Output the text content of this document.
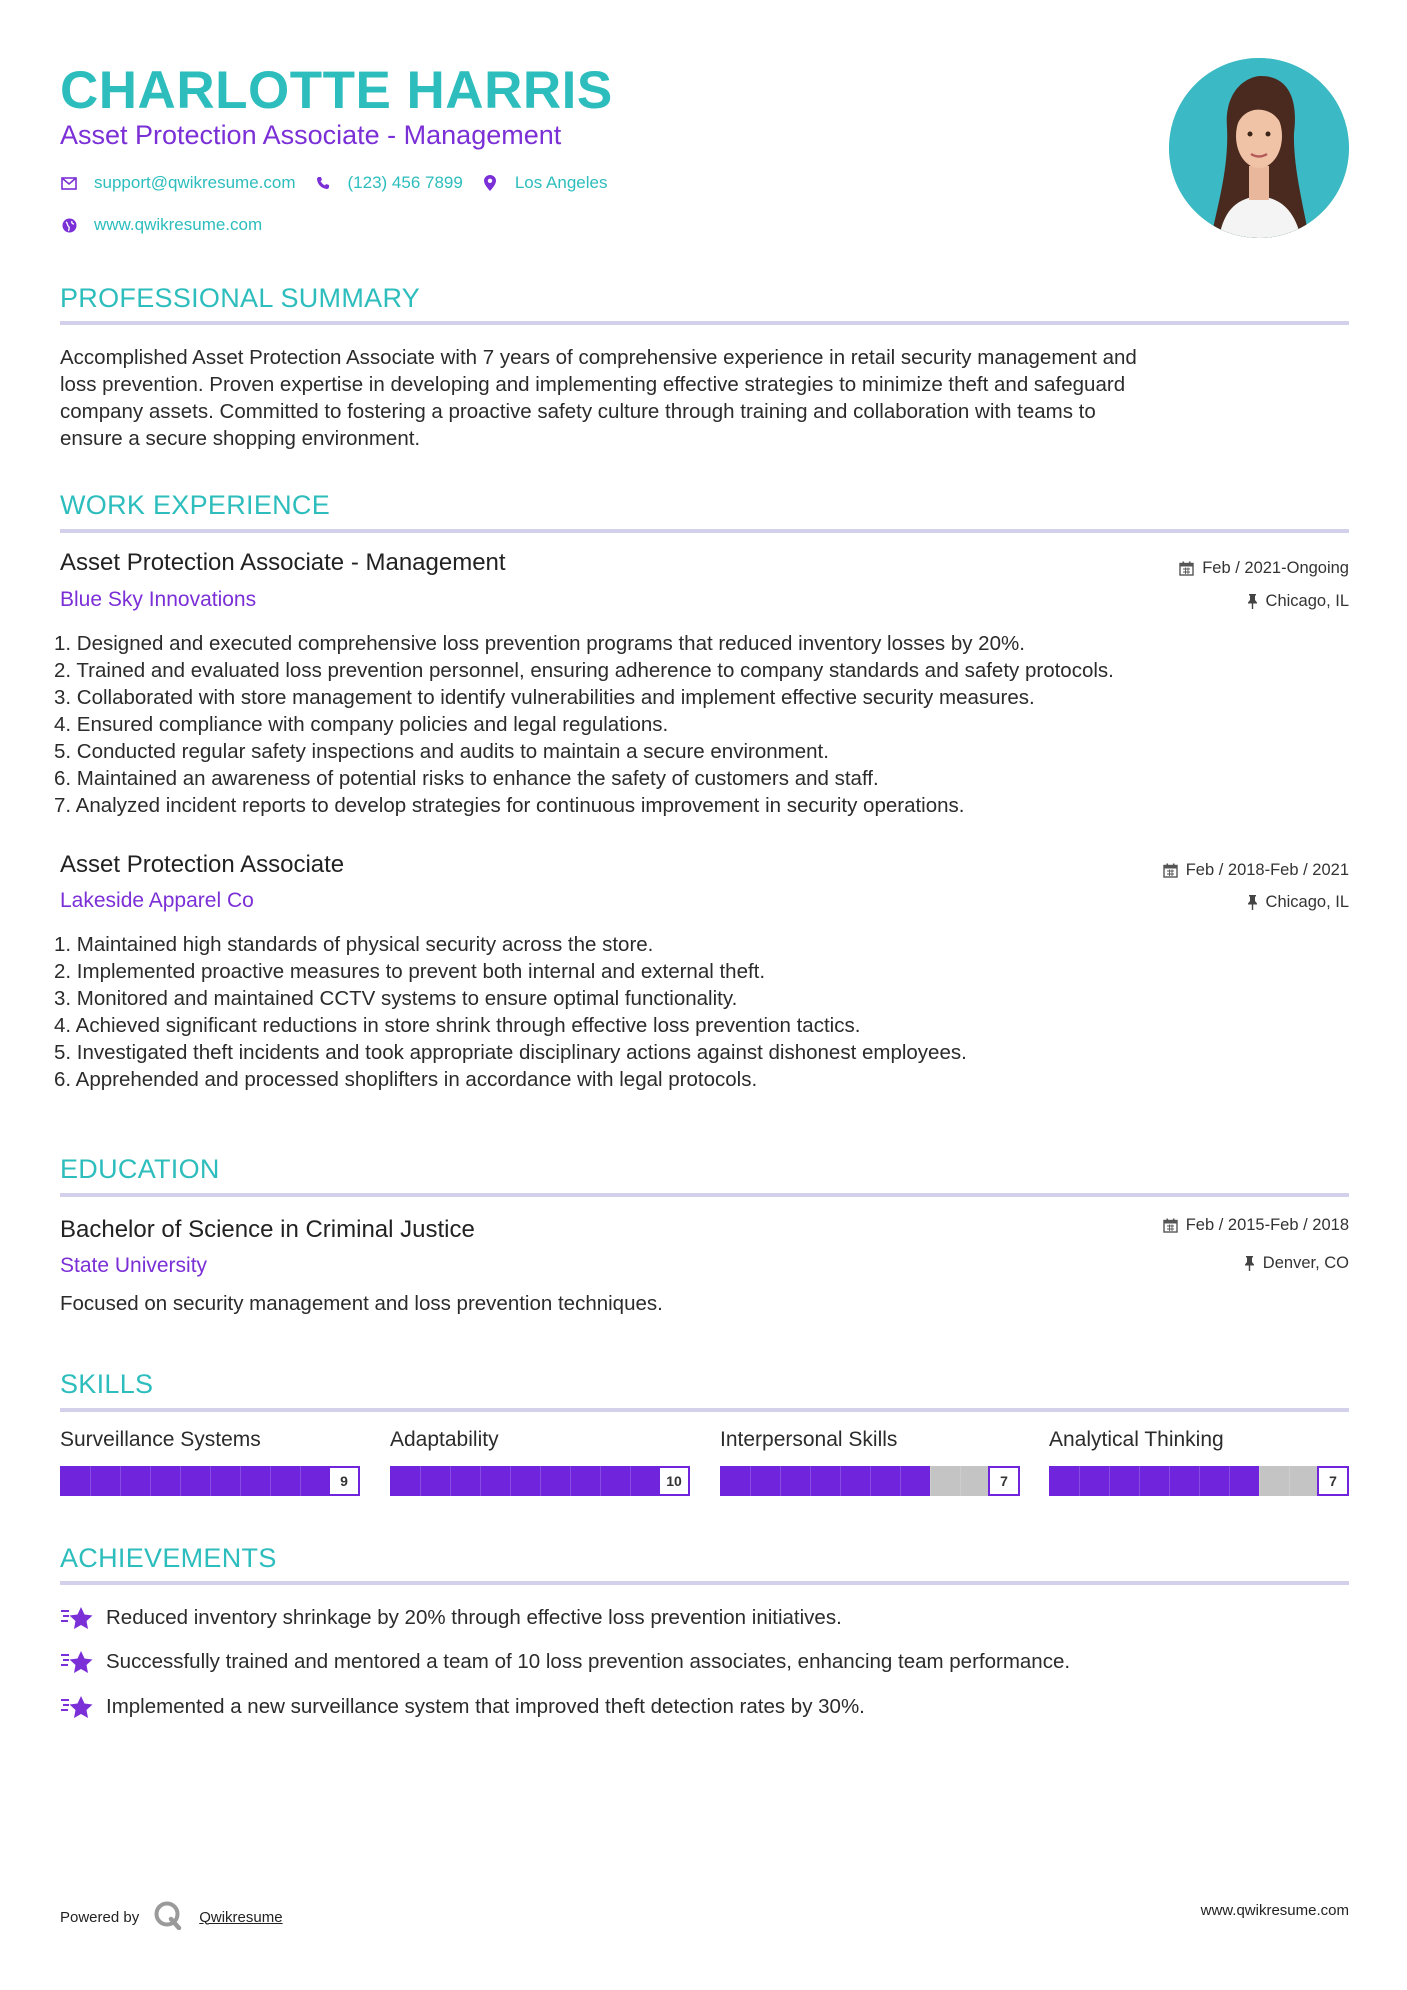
CHARLOTTE HARRIS
Asset Protection Associate - Management
support@qwikresume.com	(123) 456 7899	Los Angeles
www.qwikresume.com
PROFESSIONAL SUMMARY
Accomplished Asset Protection Associate with 7 years of comprehensive experience in retail security management and
loss prevention. Proven expertise in developing and implementing effective strategies to minimize theft and safeguard
company assets. Committed to fostering a proactive safety culture through training and collaboration with teams to
ensure a secure shopping environment.
WORK EXPERIENCE
Asset Protection Associate - Management
Blue Sky Innovations
Feb / 2021-Ongoing
Chicago, IL
1. Designed and executed comprehensive loss prevention programs that reduced inventory losses by 20%.
2. Trained and evaluated loss prevention personnel, ensuring adherence to company standards and safety protocols.
3. Collaborated with store management to identify vulnerabilities and implement effective security measures.
4. Ensured compliance with company policies and legal regulations.
5. Conducted regular safety inspections and audits to maintain a secure environment.
6. Maintained an awareness of potential risks to enhance the safety of customers and staff.
7. Analyzed incident reports to develop strategies for continuous improvement in security operations.
Asset Protection Associate
Lakeside Apparel Co
Feb / 2018-Feb / 2021
Chicago, IL
1. Maintained high standards of physical security across the store.
2. Implemented proactive measures to prevent both internal and external theft.
3. Monitored and maintained CCTV systems to ensure optimal functionality.
4. Achieved significant reductions in store shrink through effective loss prevention tactics.
5. Investigated theft incidents and took appropriate disciplinary actions against dishonest employees.
6. Apprehended and processed shoplifters in accordance with legal protocols.
EDUCATION
Bachelor of Science in Criminal Justice
State University
Feb / 2015-Feb / 2018
Denver, CO
Focused on security management and loss prevention techniques.
SKILLS
Surveillance Systems
9
Adaptability
10
Interpersonal Skills
7
Analytical Thinking
7
ACHIEVEMENTS
Reduced inventory shrinkage by 20% through effective loss prevention initiatives.
Successfully trained and mentored a team of 10 loss prevention associates, enhancing team performance.
Implemented a new surveillance system that improved theft detection rates by 30%.
Powered by	Qwikresume	www.qwikresume.com
